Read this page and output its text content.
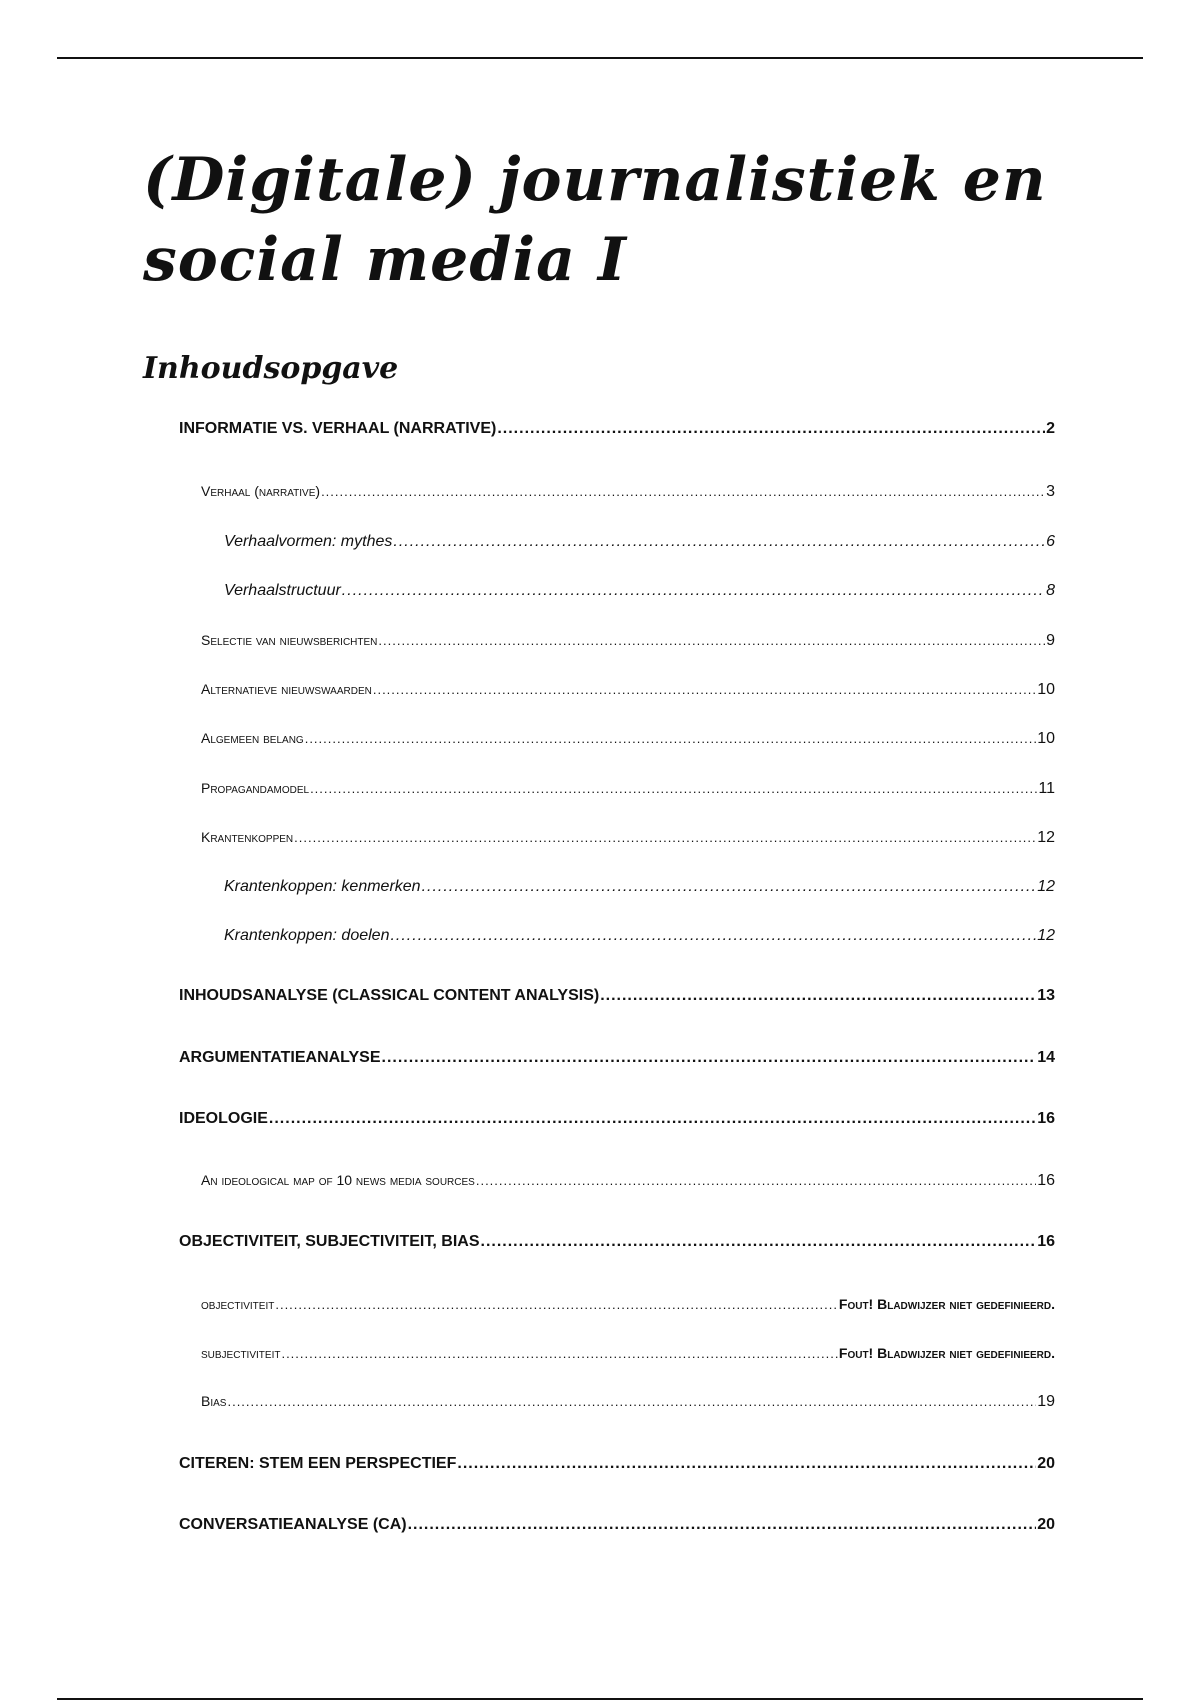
(Digitale) journalistiek en social media I
Inhoudsopgave
INFORMATIE VS. VERHAAL (NARRATIVE) .....	2
Verhaal (narrative) .....	3
Verhaalvormen: mythes .....	6
Verhaalstructuur .....	8
Selectie van nieuwsberichten .....	9
Alternatieve nieuwswaarden .....	10
Algemeen belang .....	10
Propagandamodel .....	11
Krantenkoppen .....	12
Krantenkoppen: kenmerken .....	12
Krantenkoppen: doelen .....	12
INHOUDSANALYSE (CLASSICAL CONTENT ANALYSIS) .....	13
ARGUMENTATIEANALYSE .....	14
IDEOLOGIE .....	16
An ideological map of 10 news media sources .....	16
OBJECTIVITEIT, SUBJECTIVITEIT, BIAS .....	16
objectiviteit .....	Fout! Bladwijzer niet gedefinieerd.
subjectiviteit .....	Fout! Bladwijzer niet gedefinieerd.
Bias .....	19
CITEREN: STEM EEN PERSPECTIEF .....	20
CONVERSATIEANALYSE (CA) .....	20
